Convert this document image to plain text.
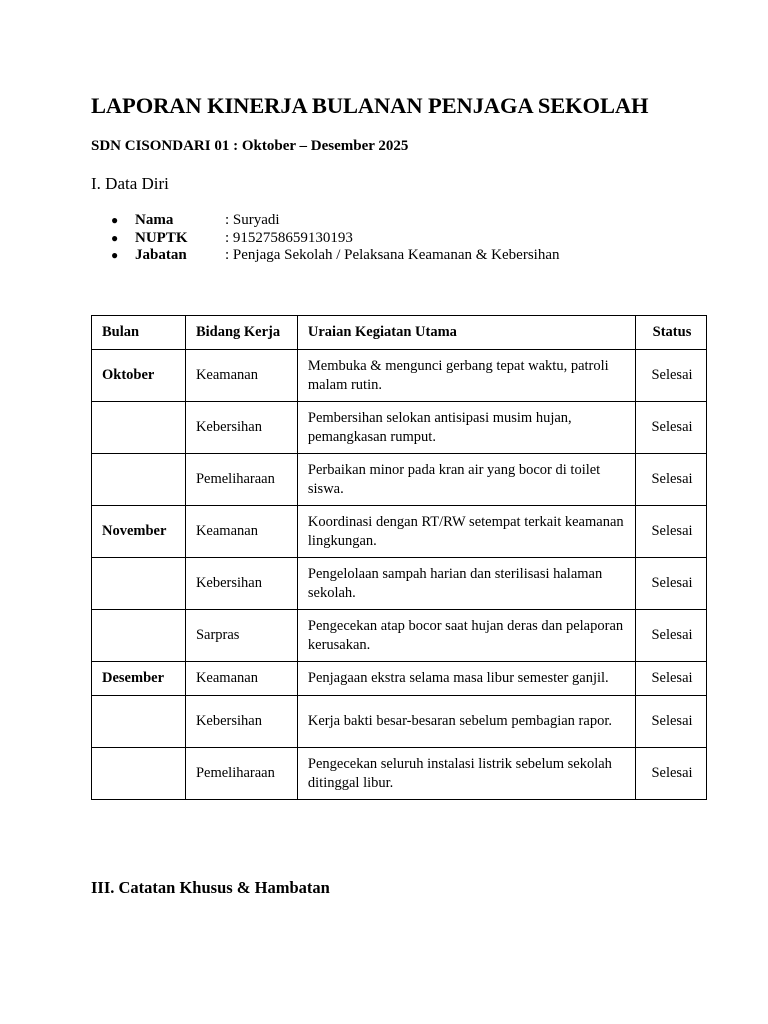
LAPORAN KINERJA BULANAN PENJAGA SEKOLAH
SDN CISONDARI 01 : Oktober – Desember 2025
I. Data Diri
● Nama	: Suryadi
● NUPTK	: 9152758659130193
● Jabatan	: Penjaga Sekolah / Pelaksana Keamanan & Kebersihan
Bulan	Bidang Kerja	Uraian Kegiatan Utama	Status
Oktober	Keamanan	Membuka & mengunci gerbang tepat waktu, patroli malam rutin.	Selesai
	Kebersihan	Pembersihan selokan antisipasi musim hujan, pemangkasan rumput.	Selesai
	Pemeliharaan	Perbaikan minor pada kran air yang bocor di toilet siswa.	Selesai
November	Keamanan	Koordinasi dengan RT/RW setempat terkait keamanan lingkungan.	Selesai
	Kebersihan	Pengelolaan sampah harian dan sterilisasi halaman sekolah.	Selesai
	Sarpras	Pengecekan atap bocor saat hujan deras dan pelaporan kerusakan.	Selesai
Desember	Keamanan	Penjagaan ekstra selama masa libur semester ganjil.	Selesai
	Kebersihan	Kerja bakti besar-besaran sebelum pembagian rapor.	Selesai
	Pemeliharaan	Pengecekan seluruh instalasi listrik sebelum sekolah ditinggal libur.	Selesai
III. Catatan Khusus & Hambatan
